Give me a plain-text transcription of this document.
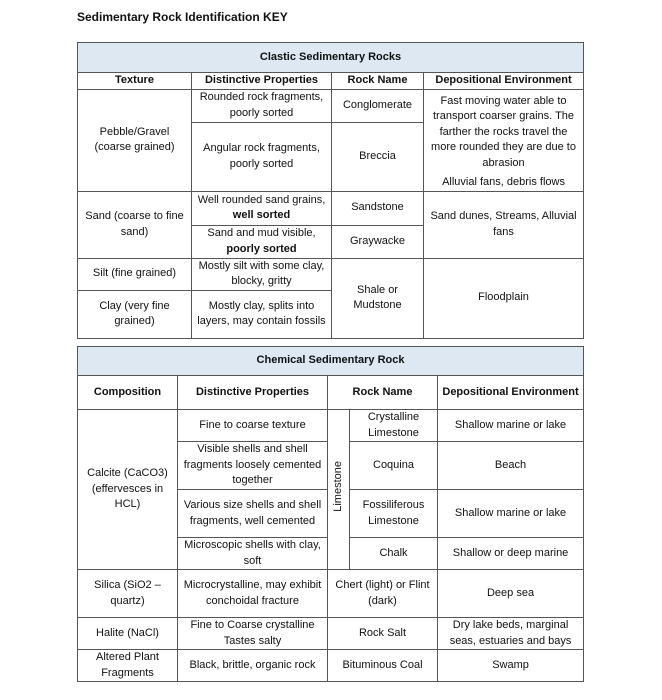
Sedimentary Rock Identification KEY
Clastic Sedimentary Rocks			
Texture	Distinctive Properties	Rock Name	Depositional Environment
Pebble/Gravel (coarse grained)	Rounded rock fragments, poorly sorted	Conglomerate	Fast moving water able to transport coarser grains. The farther the rocks travel the more rounded they are due to abrasion
	Angular rock fragments, poorly sorted	Breccia	
			Alluvial fans, debris flows
Sand (coarse to fine sand)	Well rounded sand grains, well sorted	Sandstone	Sand dunes, Streams, Alluvial fans
	Sand and mud visible, poorly sorted	Graywacke	
Silt (fine grained)	Mostly silt with some clay, blocky, gritty	Shale or Mudstone	Floodplain
Clay (very fine grained)	Mostly clay, splits into layers, may contain fossils		
Chemical Sedimentary Rock				
Composition	Distinctive Properties	Rock Name		Depositional Environment
Calcite (CaCO3) (effervesces in HCL)	Fine to coarse texture	Limestone	Crystalline Limestone	Shallow marine or lake
	Visible shells and shell fragments loosely cemented together		Coquina	Beach
	Various size shells and shell fragments, well cemented		Fossiliferous Limestone	Shallow marine or lake
	Microscopic shells with clay, soft		Chalk	Shallow or deep marine
Silica (SiO2 – quartz)	Microcrystalline, may exhibit conchoidal fracture	Chert (light) or Flint (dark)		Deep sea
Halite (NaCl)	Fine to Coarse crystalline Tastes salty	Rock Salt		Dry lake beds, marginal seas, estuaries and bays
Altered Plant Fragments	Black, brittle, organic rock	Bituminous Coal		Swamp
